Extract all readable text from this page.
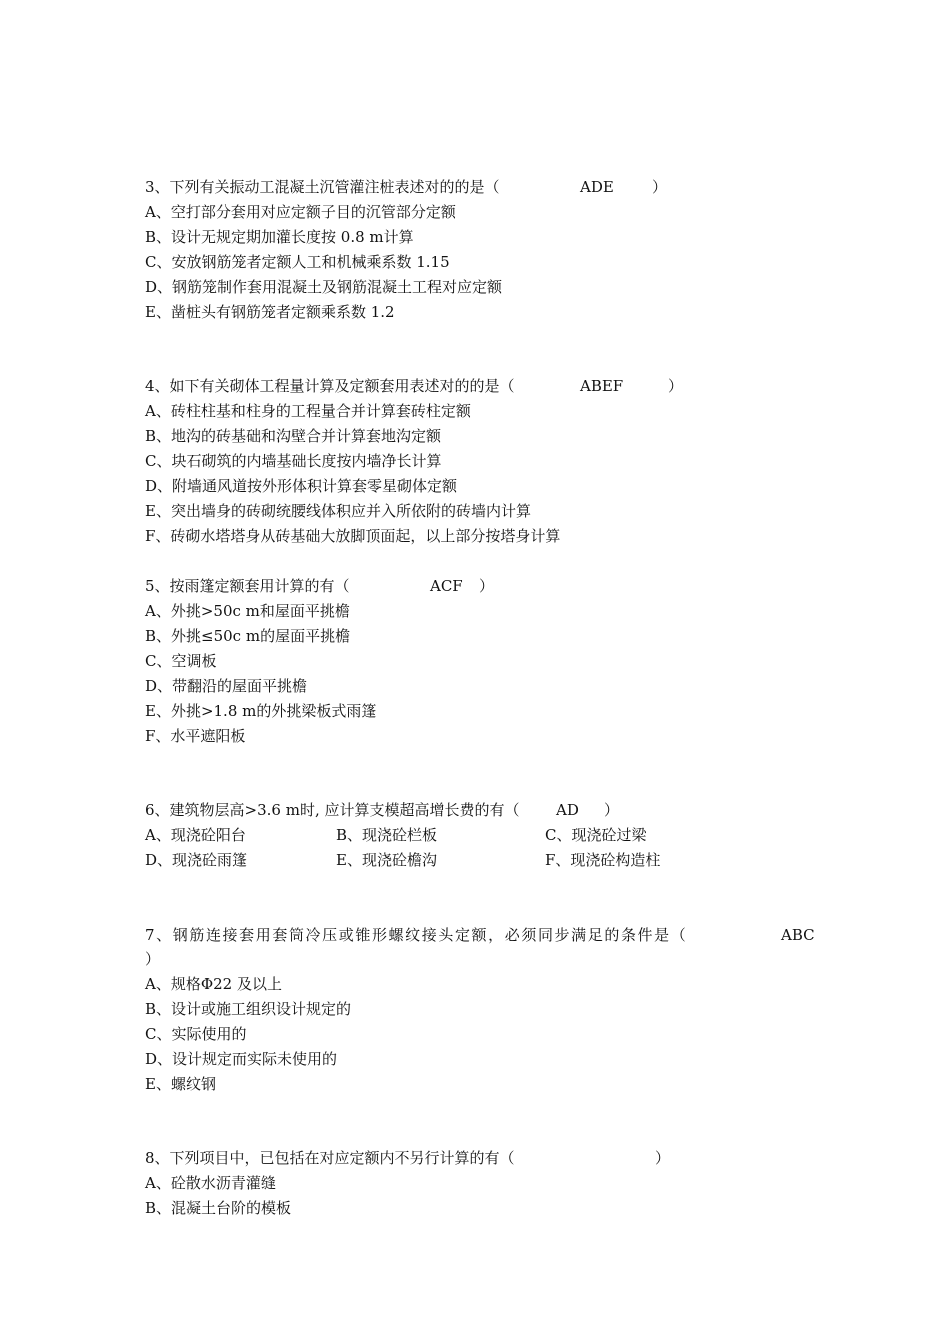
3、下列有关振动工混凝土沉管灌注桩表述对的的是（	ADE	）
A、空打部分套用对应定额子目的沉管部分定额
B、设计无规定期加灌长度按 0.8 m计算
C、安放钢筋笼者定额人工和机械乘系数 1.15
D、钢筋笼制作套用混凝土及钢筋混凝土工程对应定额
E、凿桩头有钢筋笼者定额乘系数 1.2
4、如下有关砌体工程量计算及定额套用表述对的的是（	ABEF	）
A、砖柱柱基和柱身的工程量合并计算套砖柱定额
B、地沟的砖基础和沟壁合并计算套地沟定额
C、块石砌筑的内墙基础长度按内墙净长计算
D、附墙通风道按外形体积计算套零星砌体定额
E、突出墙身的砖砌统腰线体积应并入所依附的砖墙内计算
F、砖砌水塔塔身从砖基础大放脚顶面起，以上部分按塔身计算
5、按雨篷定额套用计算的有（	ACF ）
A、外挑>50c m和屋面平挑檐
B、外挑≤50c m的屋面平挑檐
C、空调板
D、带翻沿的屋面平挑檐
E、外挑>1.8 m的外挑梁板式雨篷
F、水平遮阳板
6、建筑物层高>3.6 m时, 应计算支模超高增长费的有（ AD ）
A、现浇砼阳台	B、现浇砼栏板	C、现浇砼过梁
D、现浇砼雨篷	E、现浇砼檐沟	F、现浇砼构造柱
7、钢筋连接套用套筒冷压或锥形螺纹接头定额，必须同步满足的条件是（	ABC
）
A、规格Φ22 及以上
B、设计或施工组织设计规定的
C、实际使用的
D、设计规定而实际未使用的
E、螺纹钢
8、下列项目中，已包括在对应定额内不另行计算的有（	）
A、砼散水沥青灌缝
B、混凝土台阶的模板
